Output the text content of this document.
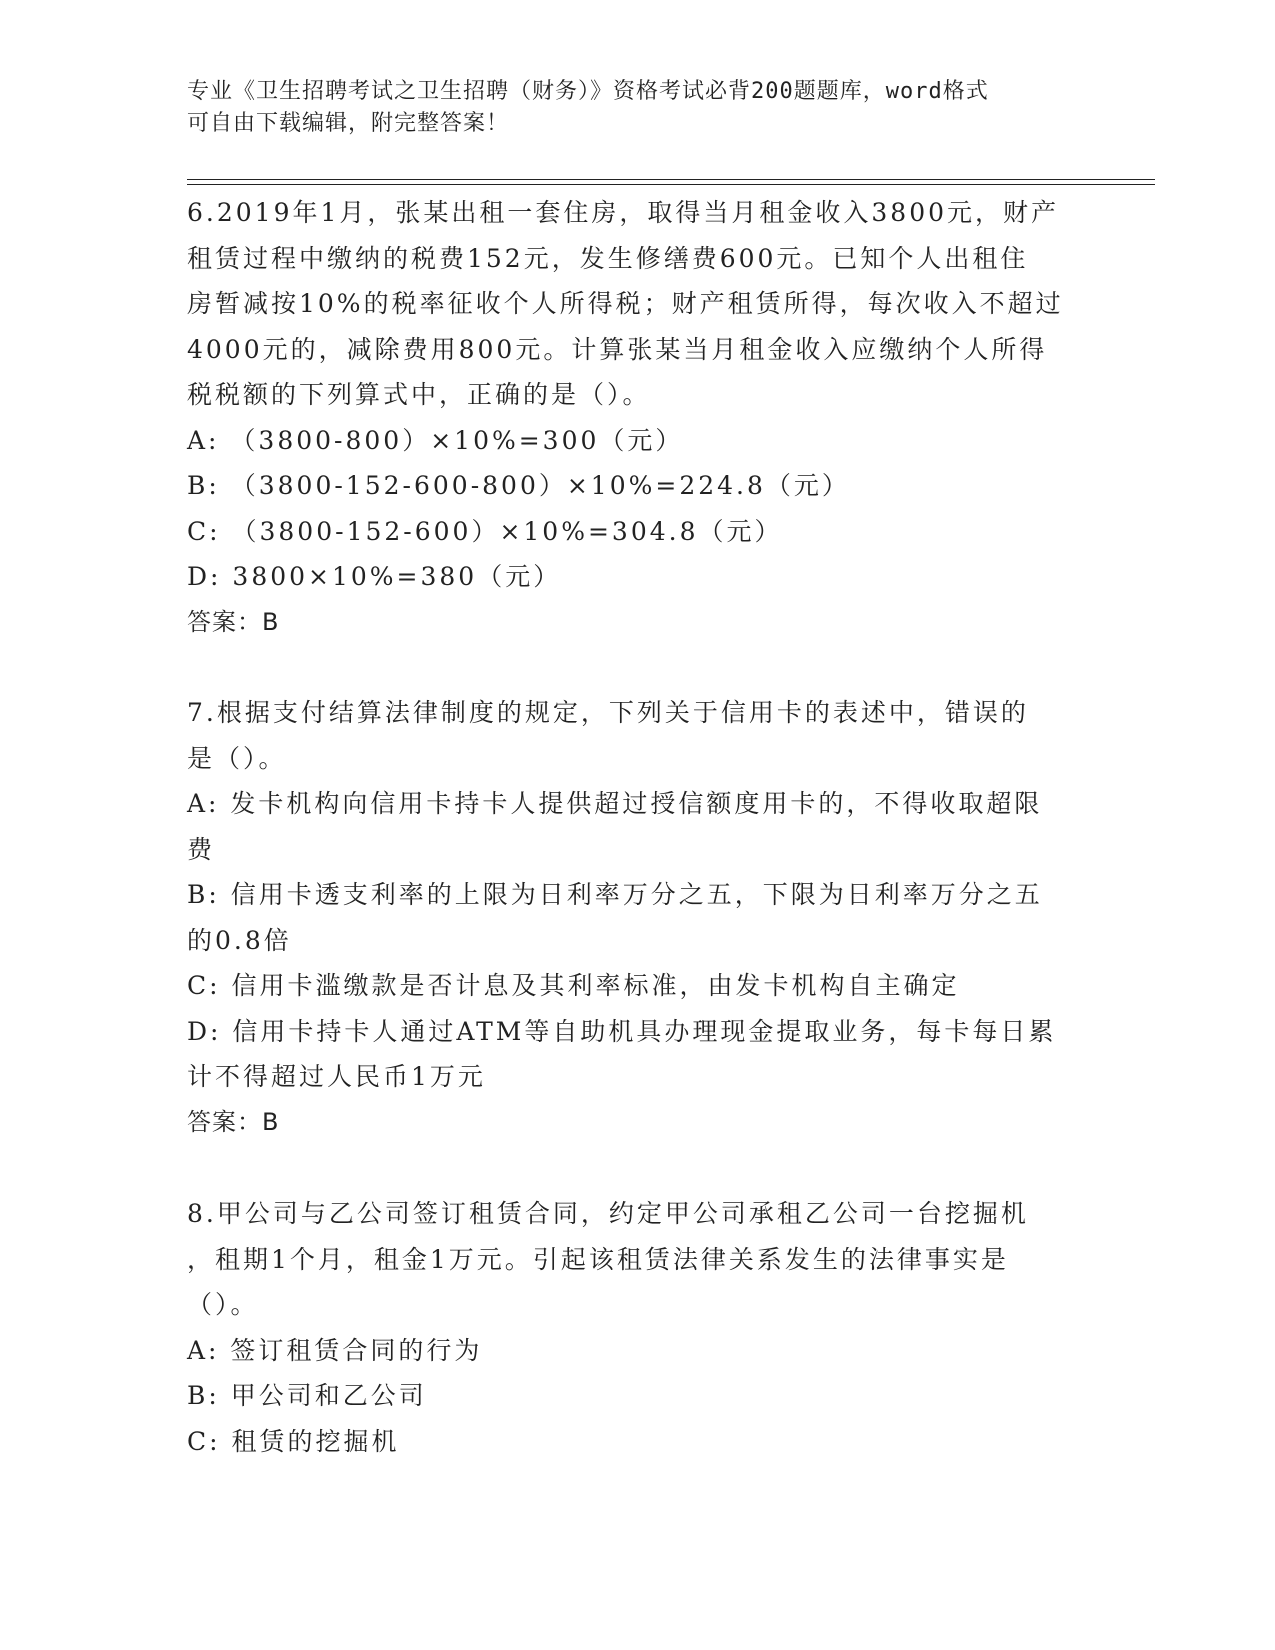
专业《卫生招聘考试之卫生招聘（财务）》资格考试必背200题题库，word格式
可自由下载编辑，附完整答案！
6.2019年1月，张某出租一套住房，取得当月租金收入3800元，财产
租赁过程中缴纳的税费152元，发生修缮费600元。已知个人出租住
房暂减按10%的税率征收个人所得税；财产租赁所得，每次收入不超过
4000元的，减除费用800元。计算张某当月租金收入应缴纳个人所得
税税额的下列算式中，正确的是（）。
A: （3800-800）×10%=300（元）
B: （3800-152-600-800）×10%=224.8（元）
C: （3800-152-600）×10%=304.8（元）
D: 3800×10%=380（元）
答案：B
7.根据支付结算法律制度的规定，下列关于信用卡的表述中，错误的
是（）。
A: 发卡机构向信用卡持卡人提供超过授信额度用卡的，不得收取超限
费
B: 信用卡透支利率的上限为日利率万分之五，下限为日利率万分之五
的0.8倍
C: 信用卡滥缴款是否计息及其利率标准，由发卡机构自主确定
D: 信用卡持卡人通过ATM等自助机具办理现金提取业务，每卡每日累
计不得超过人民币1万元
答案：B
8.甲公司与乙公司签订租赁合同，约定甲公司承租乙公司一台挖掘机
，租期1个月，租金1万元。引起该租赁法律关系发生的法律事实是
（）。
A: 签订租赁合同的行为
B: 甲公司和乙公司
C: 租赁的挖掘机
